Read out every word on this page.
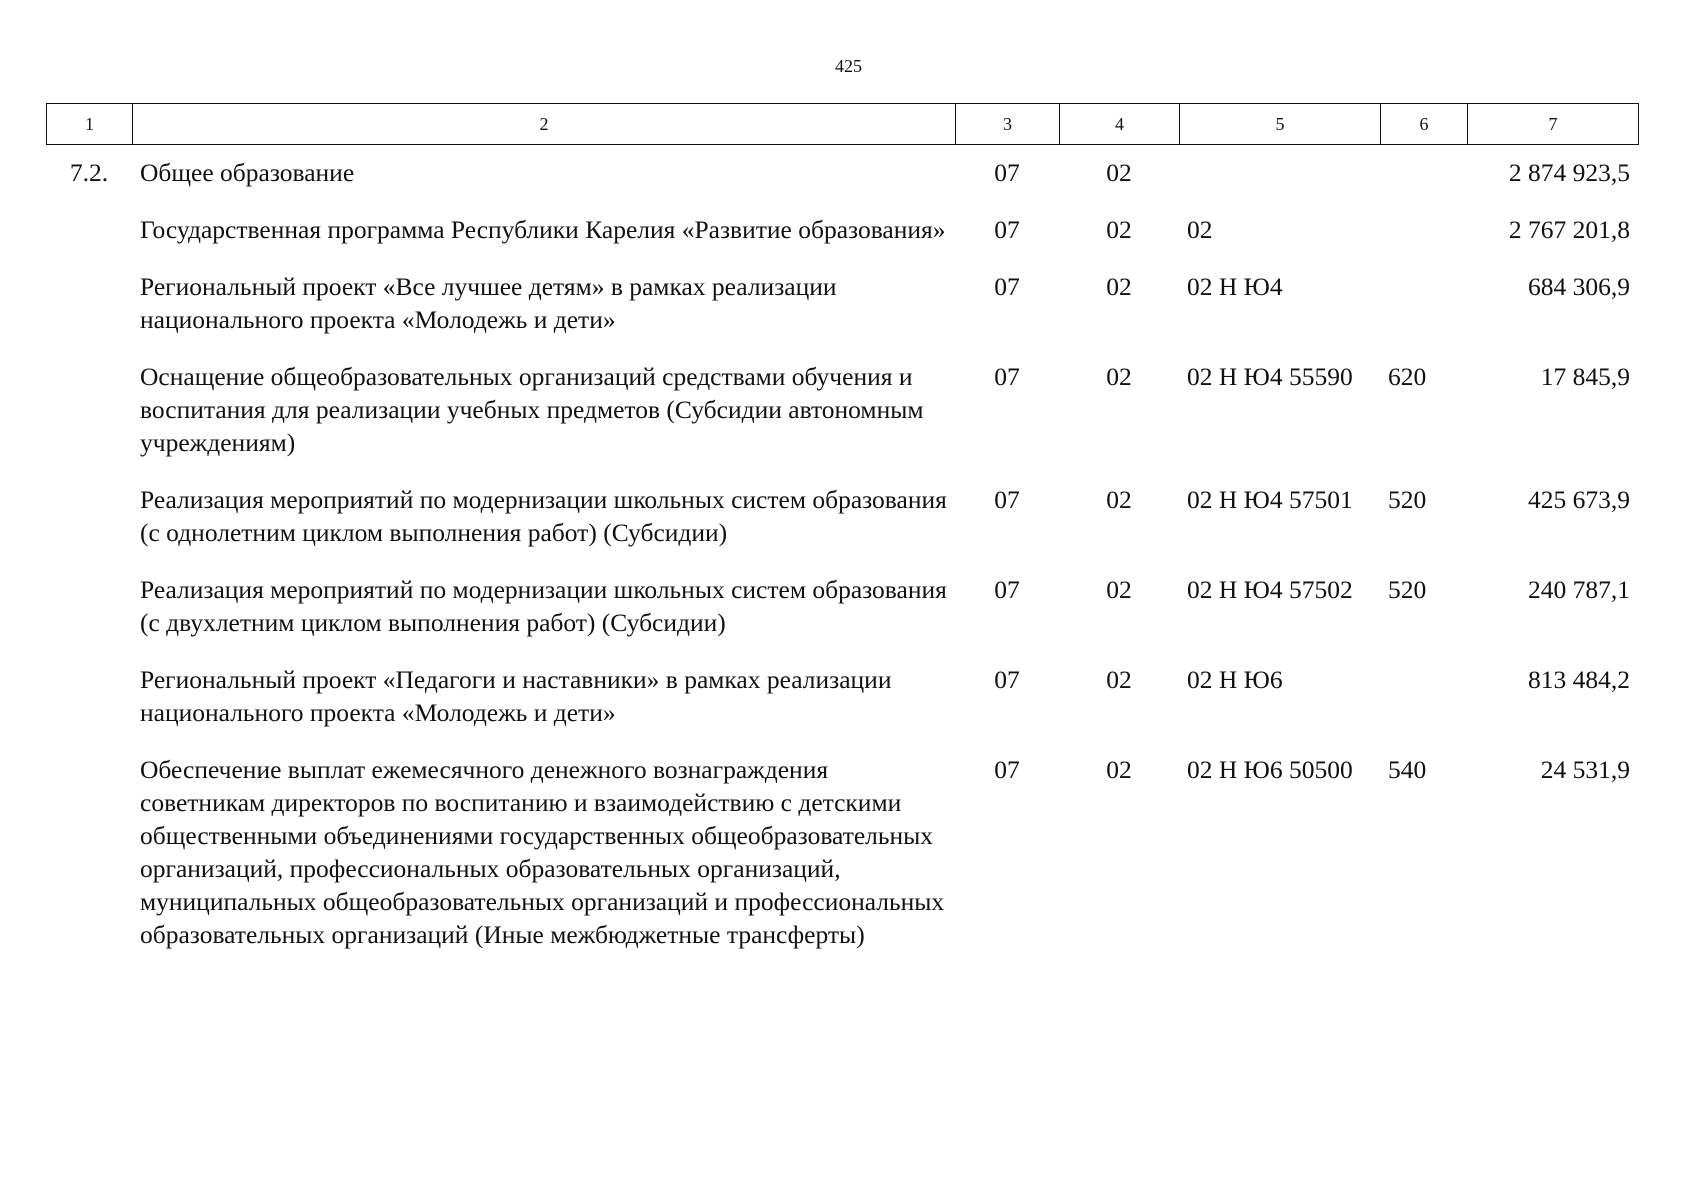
425
1	2	3	4	5	6	7
7.2.	Общее образование	07	02			2 874 923,5
	Государственная программа Республики Карелия «Развитие образования»	07	02	02		2 767 201,8
	Региональный проект «Все лучшее детям» в рамках реализации национального проекта «Молодежь и дети»	07	02	02 Н Ю4		684 306,9
	Оснащение общеобразовательных организаций средствами обучения и воспитания для реализации учебных предметов (Субсидии автономным учреждениям)	07	02	02 Н Ю4 55590	620	17 845,9
	Реализация мероприятий по модернизации школьных систем образования (с однолетним циклом выполнения работ) (Субсидии)	07	02	02 Н Ю4 57501	520	425 673,9
	Реализация мероприятий по модернизации школьных систем образования (с двухлетним циклом выполнения работ) (Субсидии)	07	02	02 Н Ю4 57502	520	240 787,1
	Региональный проект «Педагоги и наставники» в рамках реализации национального проекта «Молодежь и дети»	07	02	02 Н Ю6		813 484,2
	Обеспечение выплат ежемесячного денежного вознаграждения советникам директоров по воспитанию и взаимодействию с детскими общественными объединениями государственных общеобразовательных организаций, профессиональных образовательных организаций, муниципальных общеобразовательных организаций и профессиональных образовательных организаций (Иные межбюджетные трансферты)	07	02	02 Н Ю6 50500	540	24 531,9
